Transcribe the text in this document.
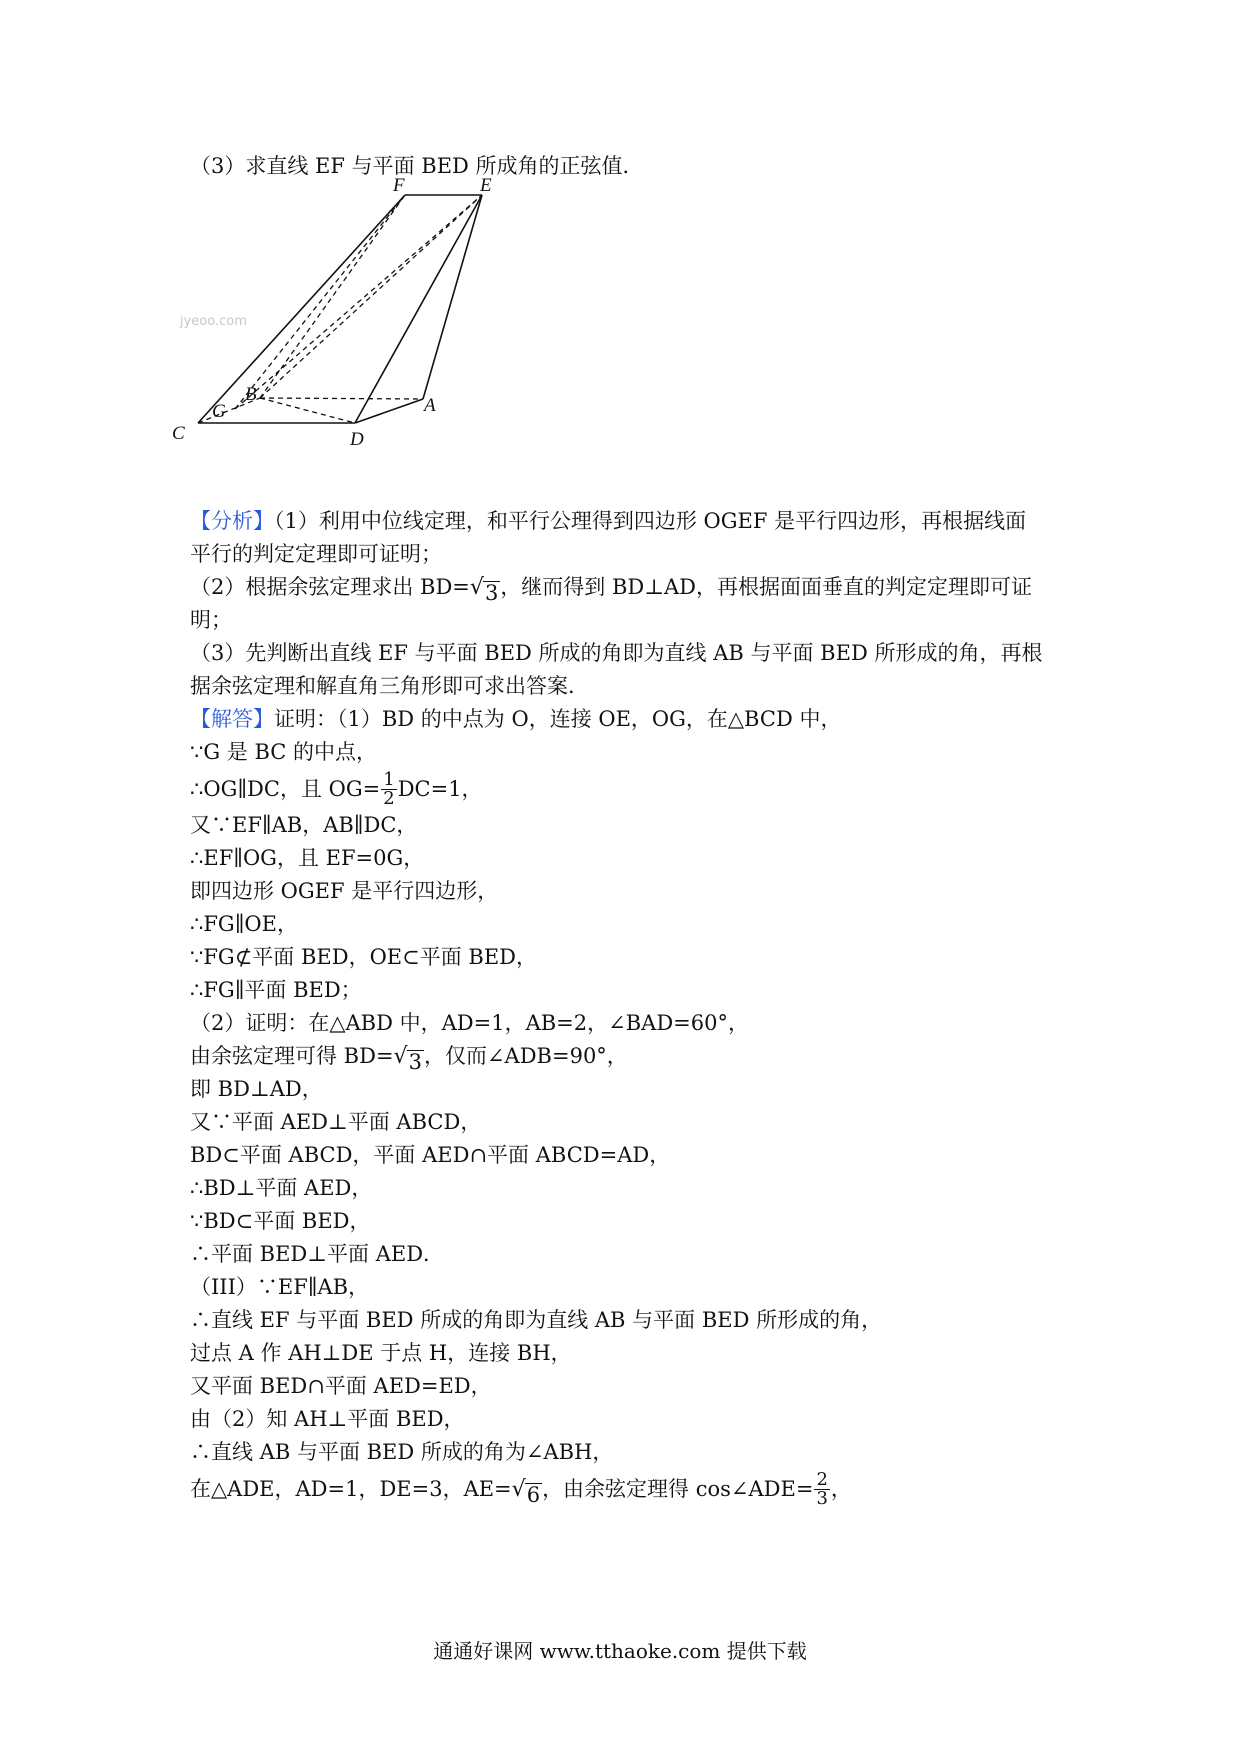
jyeoo.com
F	E
B
G
C	D
A
（3）求直线 EF 与平面 BED 所成角的正弦值．
【分析】（1）利用中位线定理，和平行公理得到四边形 OGEF 是平行四边形，再根据线面
平行的判定定理即可证明；
（2）根据余弦定理求出 BD= √ 3 ，继而得到 BD⊥AD，再根据面面垂直的判定定理即可证
明；
（3）先判断出直线 EF 与平面 BED 所成的角即为直线 AB 与平面 BED 所形成的角，再根
据余弦定理和解直角三角形即可求出答案．
【解答】证明：（1）BD 的中点为 O，连接 OE，OG，在△BCD 中，
∵G 是 BC 的中点，
∴OG∥DC，且 $OG= \frac{1}{2} DC=1$，
又∵EF∥AB，AB∥DC，
∴EF∥OG，且 EF=0G，
即四边形 OGEF 是平行四边形，
∴FG∥OE，
∵FG⊄平面 BED，OE⊂平面 BED，
∴FG∥平面 BED；
（2）证明：在△ABD 中，AD=1，AB=2，∠BAD=60°，
由余弦定理可得 BD= √ 3 ，仅而∠ADB=90°，
即 BD⊥AD，
又∵平面 AED⊥平面 ABCD，
BD⊂平面 ABCD，平面 AED∩平面 ABCD=AD，
∴BD⊥平面 AED，
∵BD⊂平面 BED，
∴平面 BED⊥平面 AED．
（III）∵EF∥AB，
∴直线 EF 与平面 BED 所成的角即为直线 AB 与平面 BED 所形成的角，
过点 A 作 AH⊥DE 于点 H，连接 BH，
又平面 BED∩平面 AED=ED，
由（2）知 AH⊥平面 BED，
∴直线 AB 与平面 BED 所成的角为∠ABH，
在△ADE，AD=1，DE=3，AE= √ 6 ，由余弦定理得 cos∠ADE= $\frac{2}{3}$ ，
通通好课网 www.tthaoke.com 提供下载
